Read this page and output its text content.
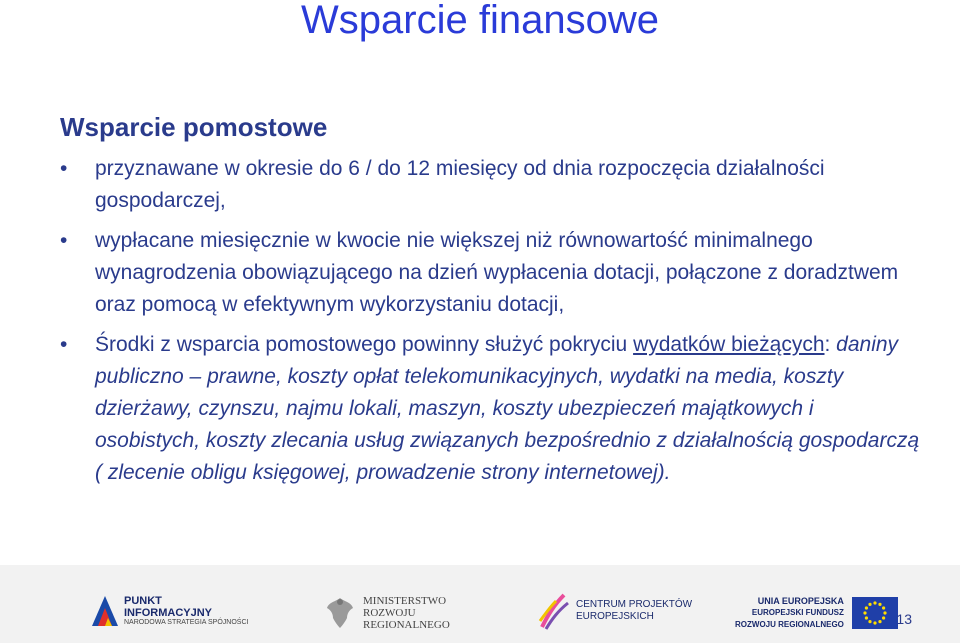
Wsparcie finansowe
Wsparcie pomostowe
•	przyznawane w okresie do 6 / do 12 miesięcy od dnia rozpoczęcia działalności gospodarczej,
•	wypłacane miesięcznie w kwocie nie większej niż równowartość minimalnego wynagrodzenia obowiązującego na dzień wypłacenia dotacji, połączone z doradztwem oraz pomocą w efektywnym wykorzystaniu dotacji,
•	Środki z wsparcia pomostowego powinny służyć pokryciu wydatków bieżących: daniny publiczno – prawne, koszty opłat telekomunikacyjnych, wydatki na media, koszty dzierżawy, czynszu, najmu lokali, maszyn, koszty ubezpieczeń majątkowych i osobistych, koszty zlecania usług związanych bezpośrednio z działalnością gospodarczą ( zlecenie obligu księgowej, prowadzenie strony internetowej).
PUNKT
INFORMACYJNY
NARODOWA STRATEGIA SPÓJNOŚCI
MINISTERSTWO
ROZWOJU
REGIONALNEGO
CENTRUM PROJEKTÓW
EUROPEJSKICH
UNIA EUROPEJSKA
EUROPEJSKI FUNDUSZ
ROZWOJU REGIONALNEGO	13
